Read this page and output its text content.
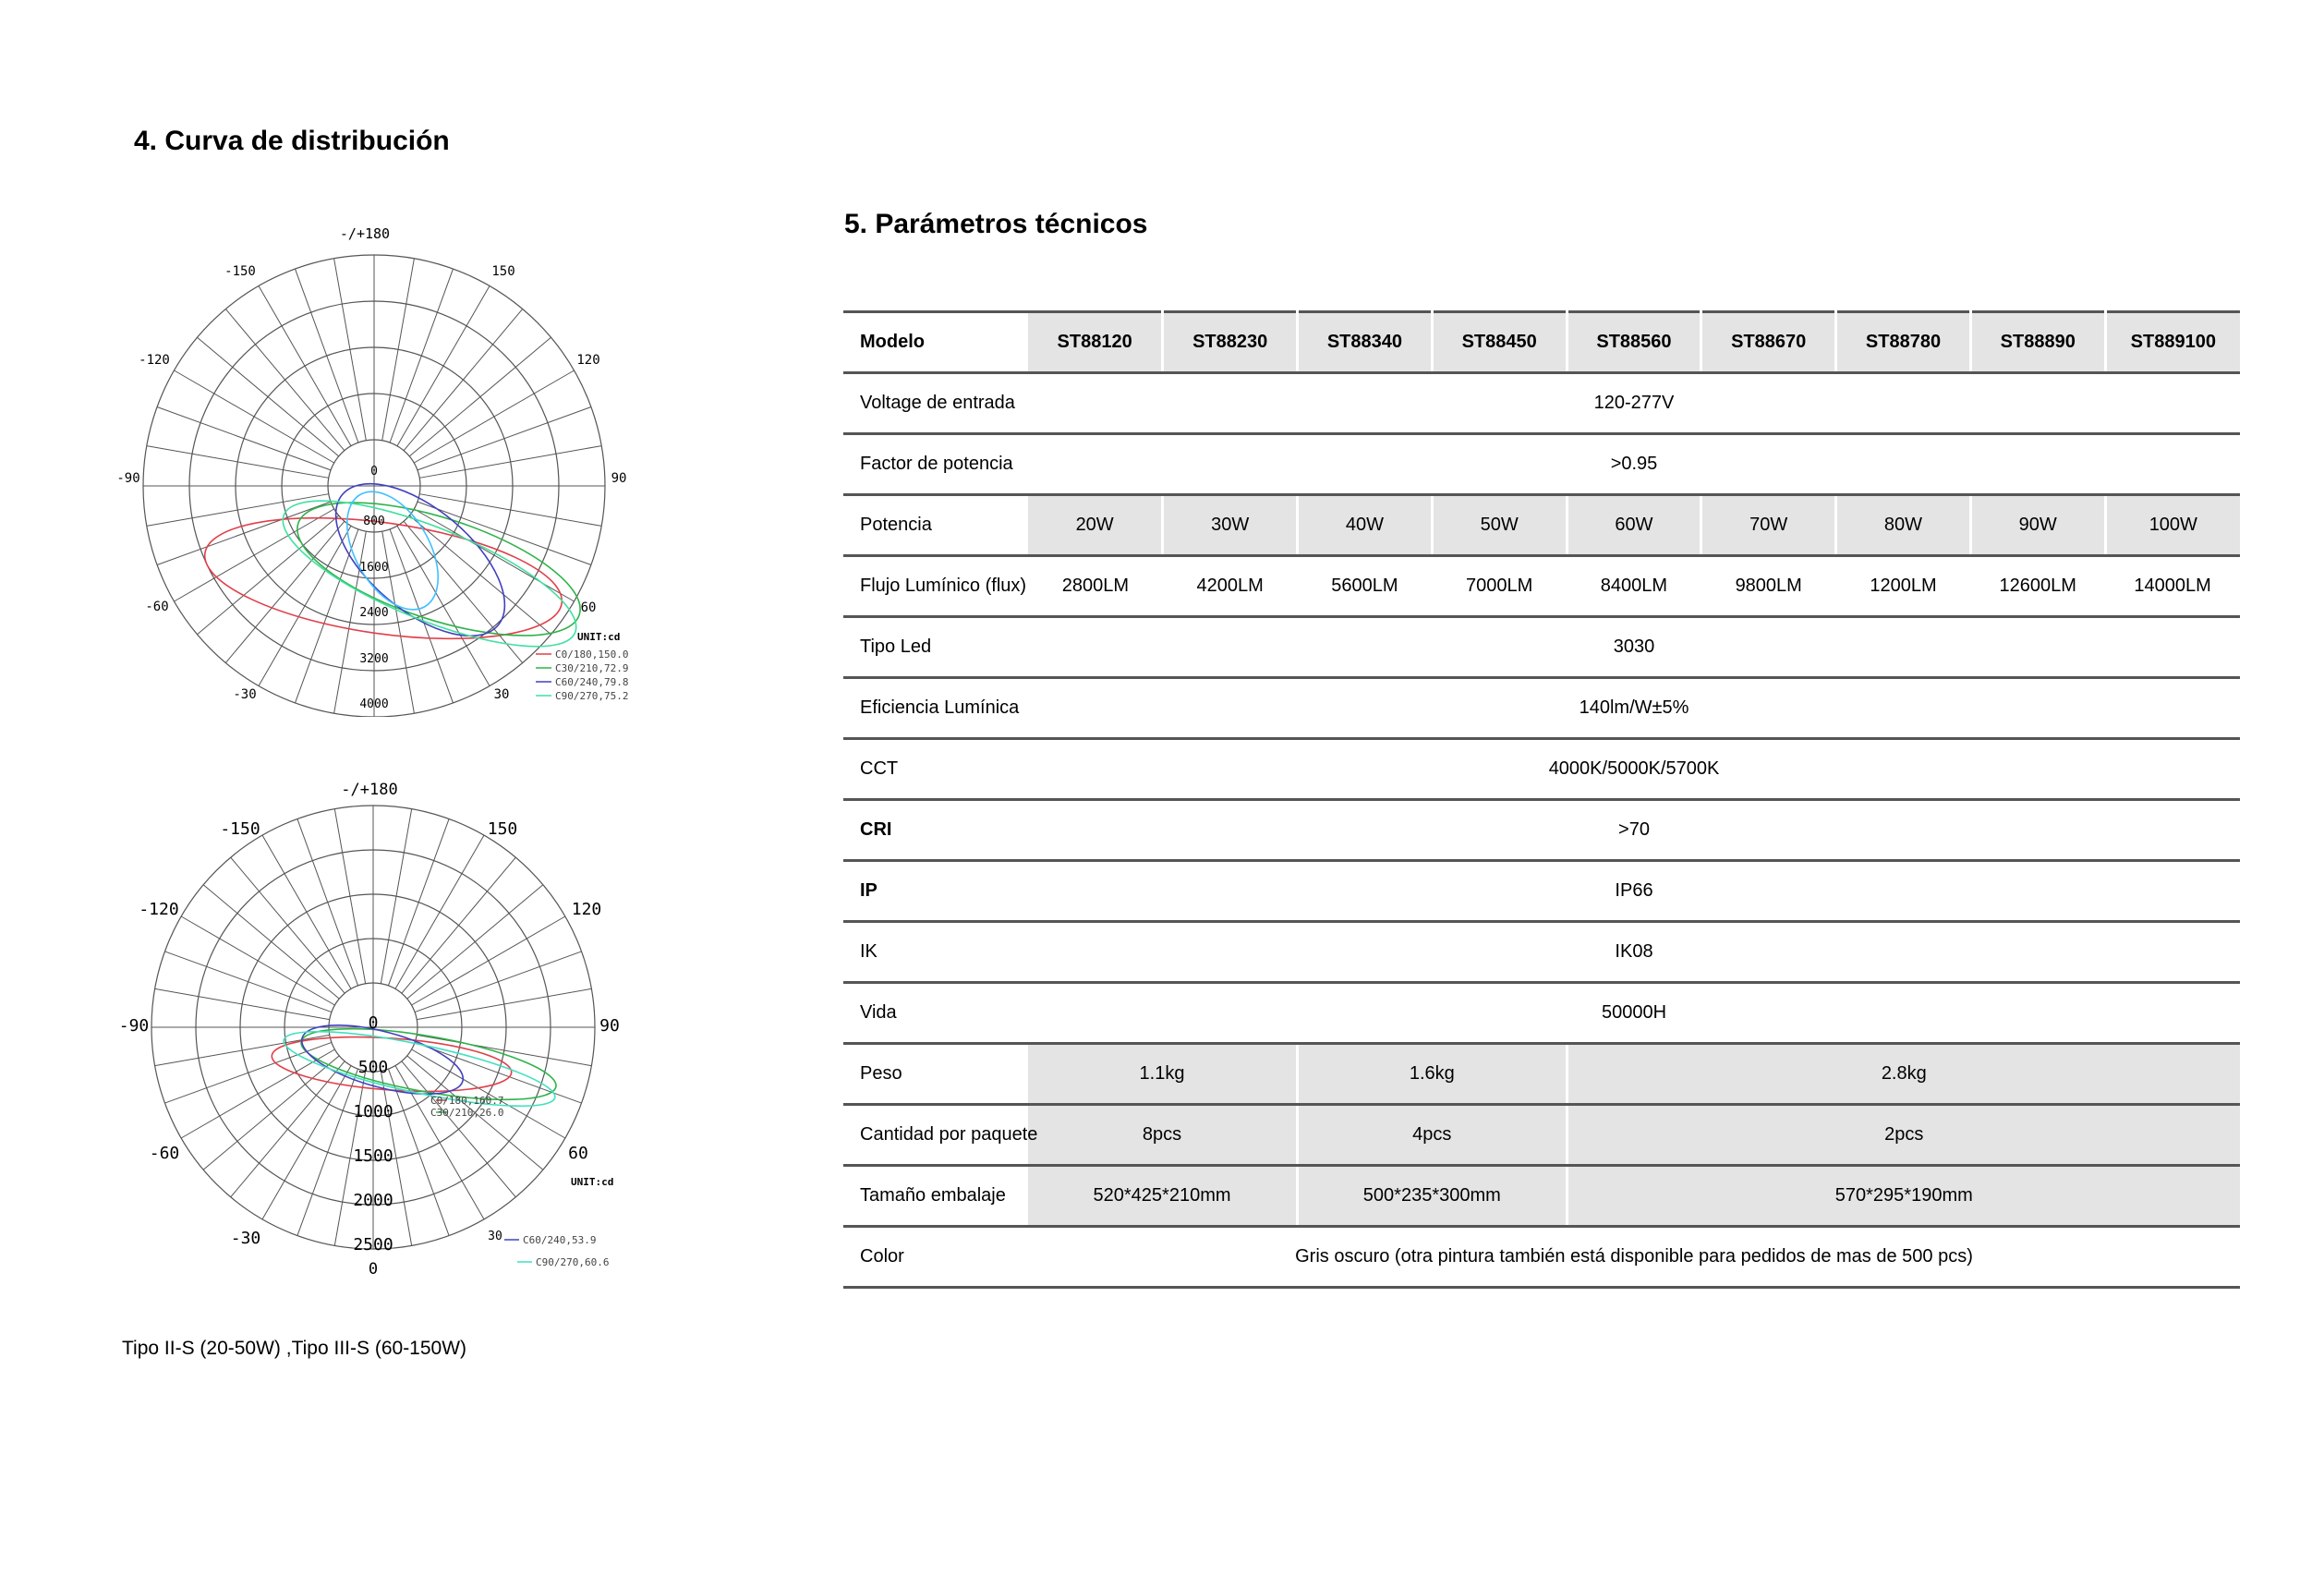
4. Curva de distribución
-/+180
-150	150
-120	120
-90	90
-60	60
-30	30
0
800
1600
2400
3200
4000
UNIT:cd
C0/180,150.0
C30/210,72.9
C60/240,79.8
C90/270,75.2
-/+180
-150	150
-120	120
-90	90
-60	60
-30	30
0
0
500
1000
1500
2000
2500
UNIT:cd
C0/180,160.7
C30/210,26.0
C60/240,53.9
C90/270,60.6
Tipo II-S (20-50W) ,Tipo III-S (60-150W)
5. Parámetros técnicos
Modelo	ST88120	ST88230	ST88340	ST88450	ST88560	ST88670	ST88780	ST88890	ST889100
Voltage de entrada	120-277V								
Factor de potencia	>0.95								
Potencia	20W	30W	40W	50W	60W	70W	80W	90W	100W
Flujo Lumínico (flux)	2800LM	4200LM	5600LM	7000LM	8400LM	9800LM	1200LM	12600LM	14000LM
Tipo Led	3030								
Eficiencia Lumínica	140lm/W±5%								
CCT	4000K/5000K/5700K								
CRI	>70								
IP	IP66								
IK	IK08								
Vida	50000H								
Peso	1.1kg		1.6kg		2.8kg				
Cantidad por paquete	8pcs		4pcs		2pcs				
Tamaño embalaje	520*425*210mm		500*235*300mm		570*295*190mm				
Color	Gris oscuro (otra pintura también está disponible para pedidos de mas de 500 pcs)								
